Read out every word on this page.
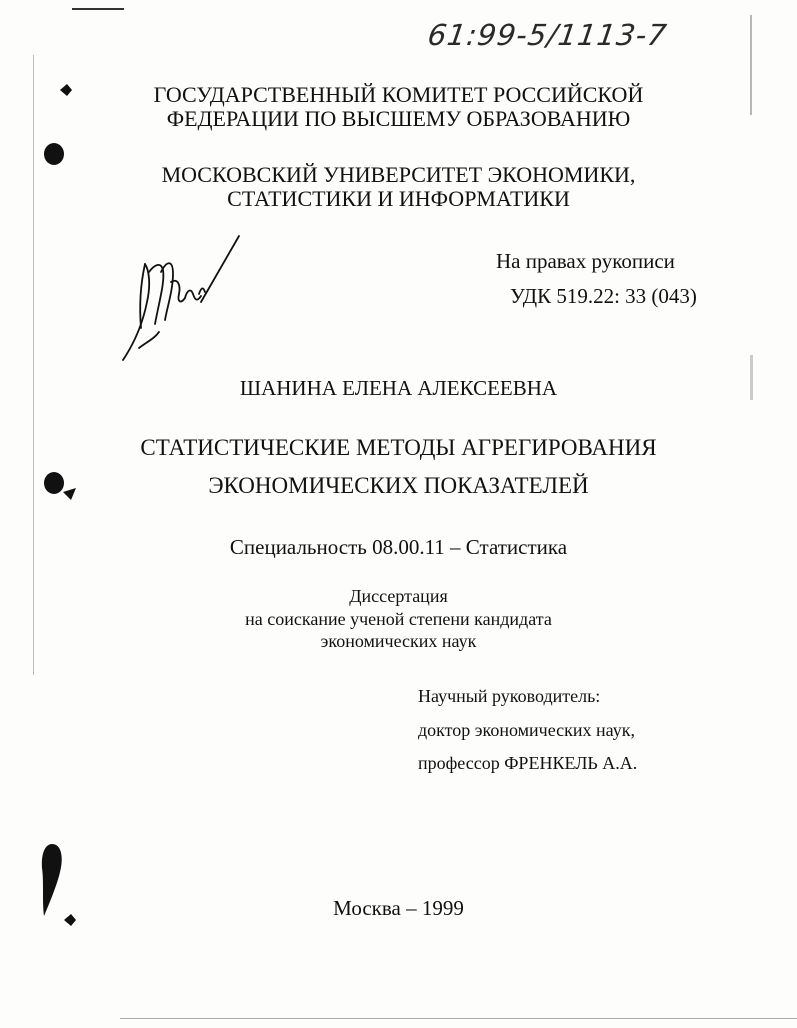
61:99-5/1113-7
ГОСУДАРСТВЕННЫЙ КОМИТЕТ РОССИЙСКОЙ
ФЕДЕРАЦИИ ПО ВЫСШЕМУ ОБРАЗОВАНИЮ
МОСКОВСКИЙ УНИВЕРСИТЕТ ЭКОНОМИКИ,
СТАТИСТИКИ И ИНФОРМАТИКИ
На правах рукописи
УДК 519.22: 33 (043)
ШАНИНА ЕЛЕНА АЛЕКСЕЕВНА
СТАТИСТИЧЕСКИЕ МЕТОДЫ АГРЕГИРОВАНИЯ
ЭКОНОМИЧЕСКИХ ПОКАЗАТЕЛЕЙ
Специальность 08.00.11 – Статистика
Диссертация
на соискание ученой степени кандидата
экономических наук
Научный руководитель:
доктор экономических наук,
профессор ФРЕНКЕЛЬ А.А.
Москва – 1999
